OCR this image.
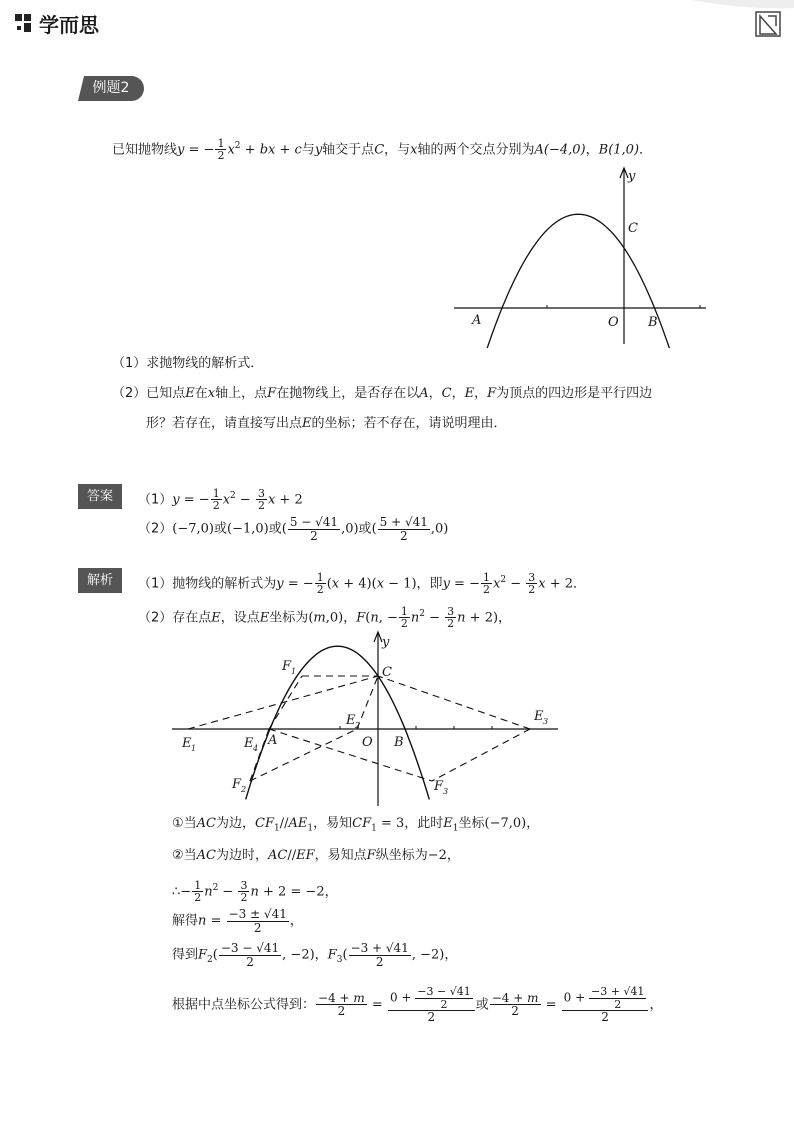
学而思
例题2
已知抛物线y = − $\frac{1}{2} x^2$ + bx + c与y轴交于点C，与x轴的两个交点分别为A(−4,0)，B(1,0)．
y
C
A	O B
（1）求抛物线的解析式．
（2）已知点E在x轴上，点F在抛物线上，是否存在以A，C，E，F为顶点的四边形是平行四边
形？若存在，请直接写出点E的坐标；若不存在，请说明理由．
答案	（1）y = − $\frac{1}{2} x^2 - \frac{3}{2}$ x + 2
（2）(−7,0)或(−1,0)或( $\frac{5 - √41}{2} ,0$)或( $\frac{5 + √41}{2} ,0$)
解析	（1）抛物线的解析式为y = − $\frac{1}{2} (x + 4)(x - 1)$，即y = − $\frac{1}{2} x^2 - \frac{3}{2}$ x + 2．
（2）存在点E，设点E坐标为(m,0)，F(n, − $\frac{1}{2} n^2 - \frac{3}{2}$ n + 2)，
y
C
F 1
E 1	E 4
A
E 2
O B
E 3
F 2	F 3
①当AC为边，$CF_1//AE_1$，易知$CF_1 = 3$，此时$E_1$坐标(−7,0)，
②当AC为边时，AC//EF，易知点F纵坐标为−2，
∴− $\frac{1}{2} n^2 - \frac{3}{2}$ n + 2 = −2，
解得$n = \frac{-3 \pm √41}{2}$ ，
得到$F_2( \frac{-3 - √41}{2}$ , −2)，$F_3( \frac{-3 + √41}{2}$ , −2)，
根据中点坐标公式得到： $\frac{-4 + m}{2} = \frac{0 + \frac{-3 - √41}{2}}{2}$ 或 $\frac{-4 + m}{2} = \frac{0 + \frac{-3 + √41}{2}}{2}$ ，
